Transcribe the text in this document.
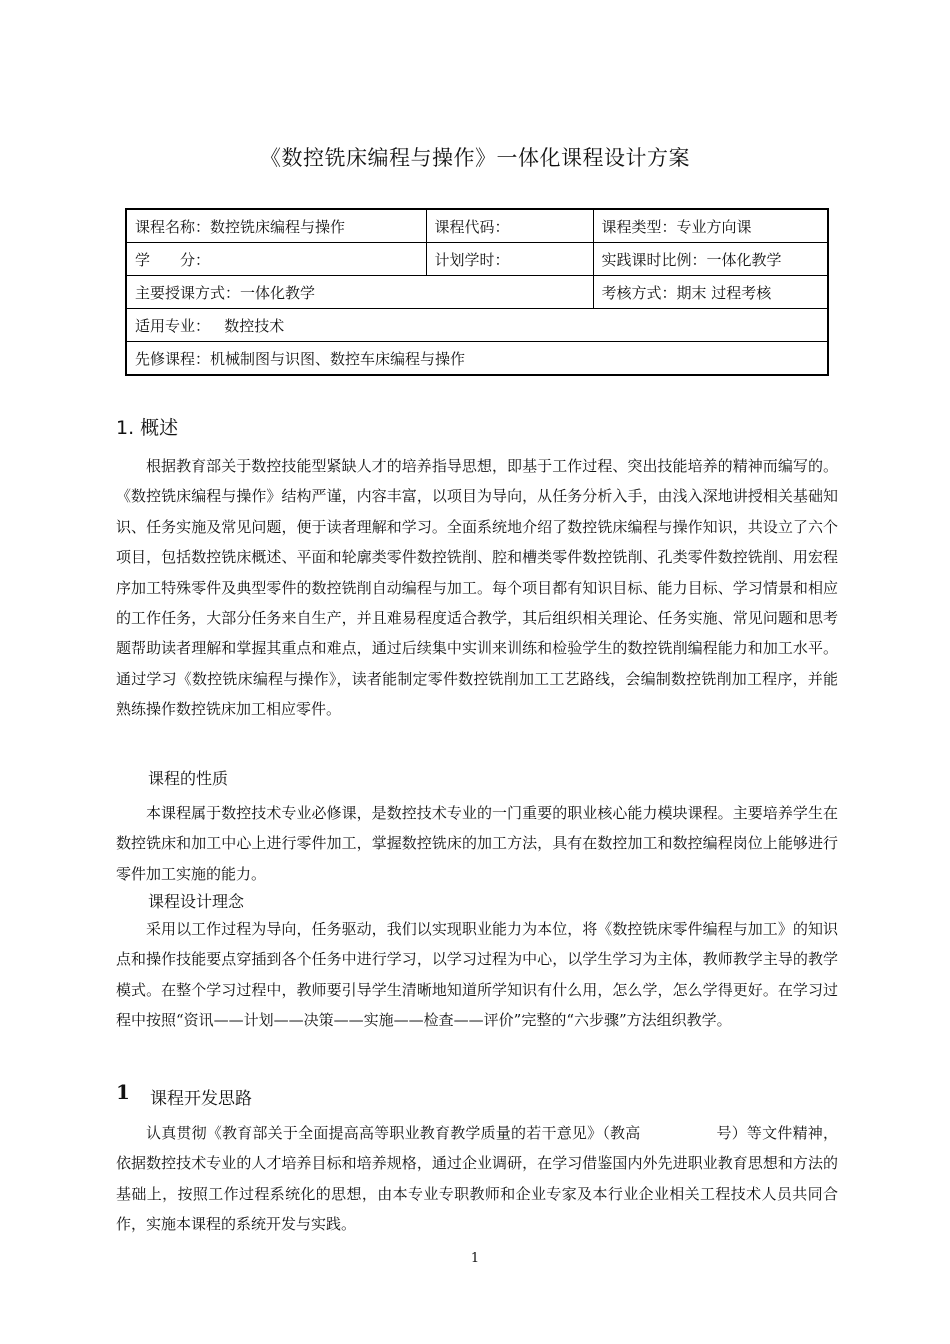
《数控铣床编程与操作》一体化课程设计方案
课程名称：数控铣床编程与操作	课程代码：	课程类型：专业方向课
学　　分：	计划学时：	实践课时比例：一体化教学
主要授课方式：一体化教学		考核方式：期末 过程考核
适用专业：   数控技术		
先修课程：机械制图与识图、数控车床编程与操作		
1. 概述

根据教育部关于数控技能型紧缺人才的培养指导思想，即基于工作过程、突出技能培养的精神而编写的。《数控铣床编程与操作》结构严谨，内容丰富，以项目为导向，从任务分析入手，由浅入深地讲授相关基础知识、任务实施及常见问题，便于读者理解和学习。全面系统地介绍了数控铣床编程与操作知识，共设立了六个项目，包括数控铣床概述、平面和轮廓类零件数控铣削、腔和槽类零件数控铣削、孔类零件数控铣削、用宏程序加工特殊零件及典型零件的数控铣削自动编程与加工。每个项目都有知识目标、能力目标、学习情景和相应的工作任务，大部分任务来自生产，并且难易程度适合教学，其后组织相关理论、任务实施、常见问题和思考题帮助读者理解和掌握其重点和难点，通过后续集中实训来训练和检验学生的数控铣削编程能力和加工水平。通过学习《数控铣床编程与操作》，读者能制定零件数控铣削加工工艺路线，会编制数控铣削加工程序，并能熟练操作数控铣床加工相应零件。

课程的性质

本课程属于数控技术专业必修课，是数控技术专业的一门重要的职业核心能力模块课程。主要培养学生在数控铣床和加工中心上进行零件加工，掌握数控铣床的加工方法，具有在数控加工和数控编程岗位上能够进行零件加工实施的能力。

课程设计理念

采用以工作过程为导向，任务驱动，我们以实现职业能力为本位，将《数控铣床零件编程与加工》的知识点和操作技能要点穿插到各个任务中进行学习，以学习过程为中心，以学生学习为主体，教师教学主导的教学模式。在整个学习过程中，教师要引导学生清晰地知道所学知识有什么用，怎么学，怎么学得更好。在学习过程中按照“资讯——计划——决策——实施——检查——评价”完整的“六步骤”方法组织教学。

1 课程开发思路

认真贯彻《教育部关于全面提高高等职业教育教学质量的若干意见》（教高　　　　　号）等文件精神，依据数控技术专业的人才培养目标和培养规格，通过企业调研，在学习借鉴国内外先进职业教育思想和方法的基础上，按照工作过程系统化的思想，由本专业专职教师和企业专家及本行业企业相关工程技术人员共同合作，实施本课程的系统开发与实践。

1
